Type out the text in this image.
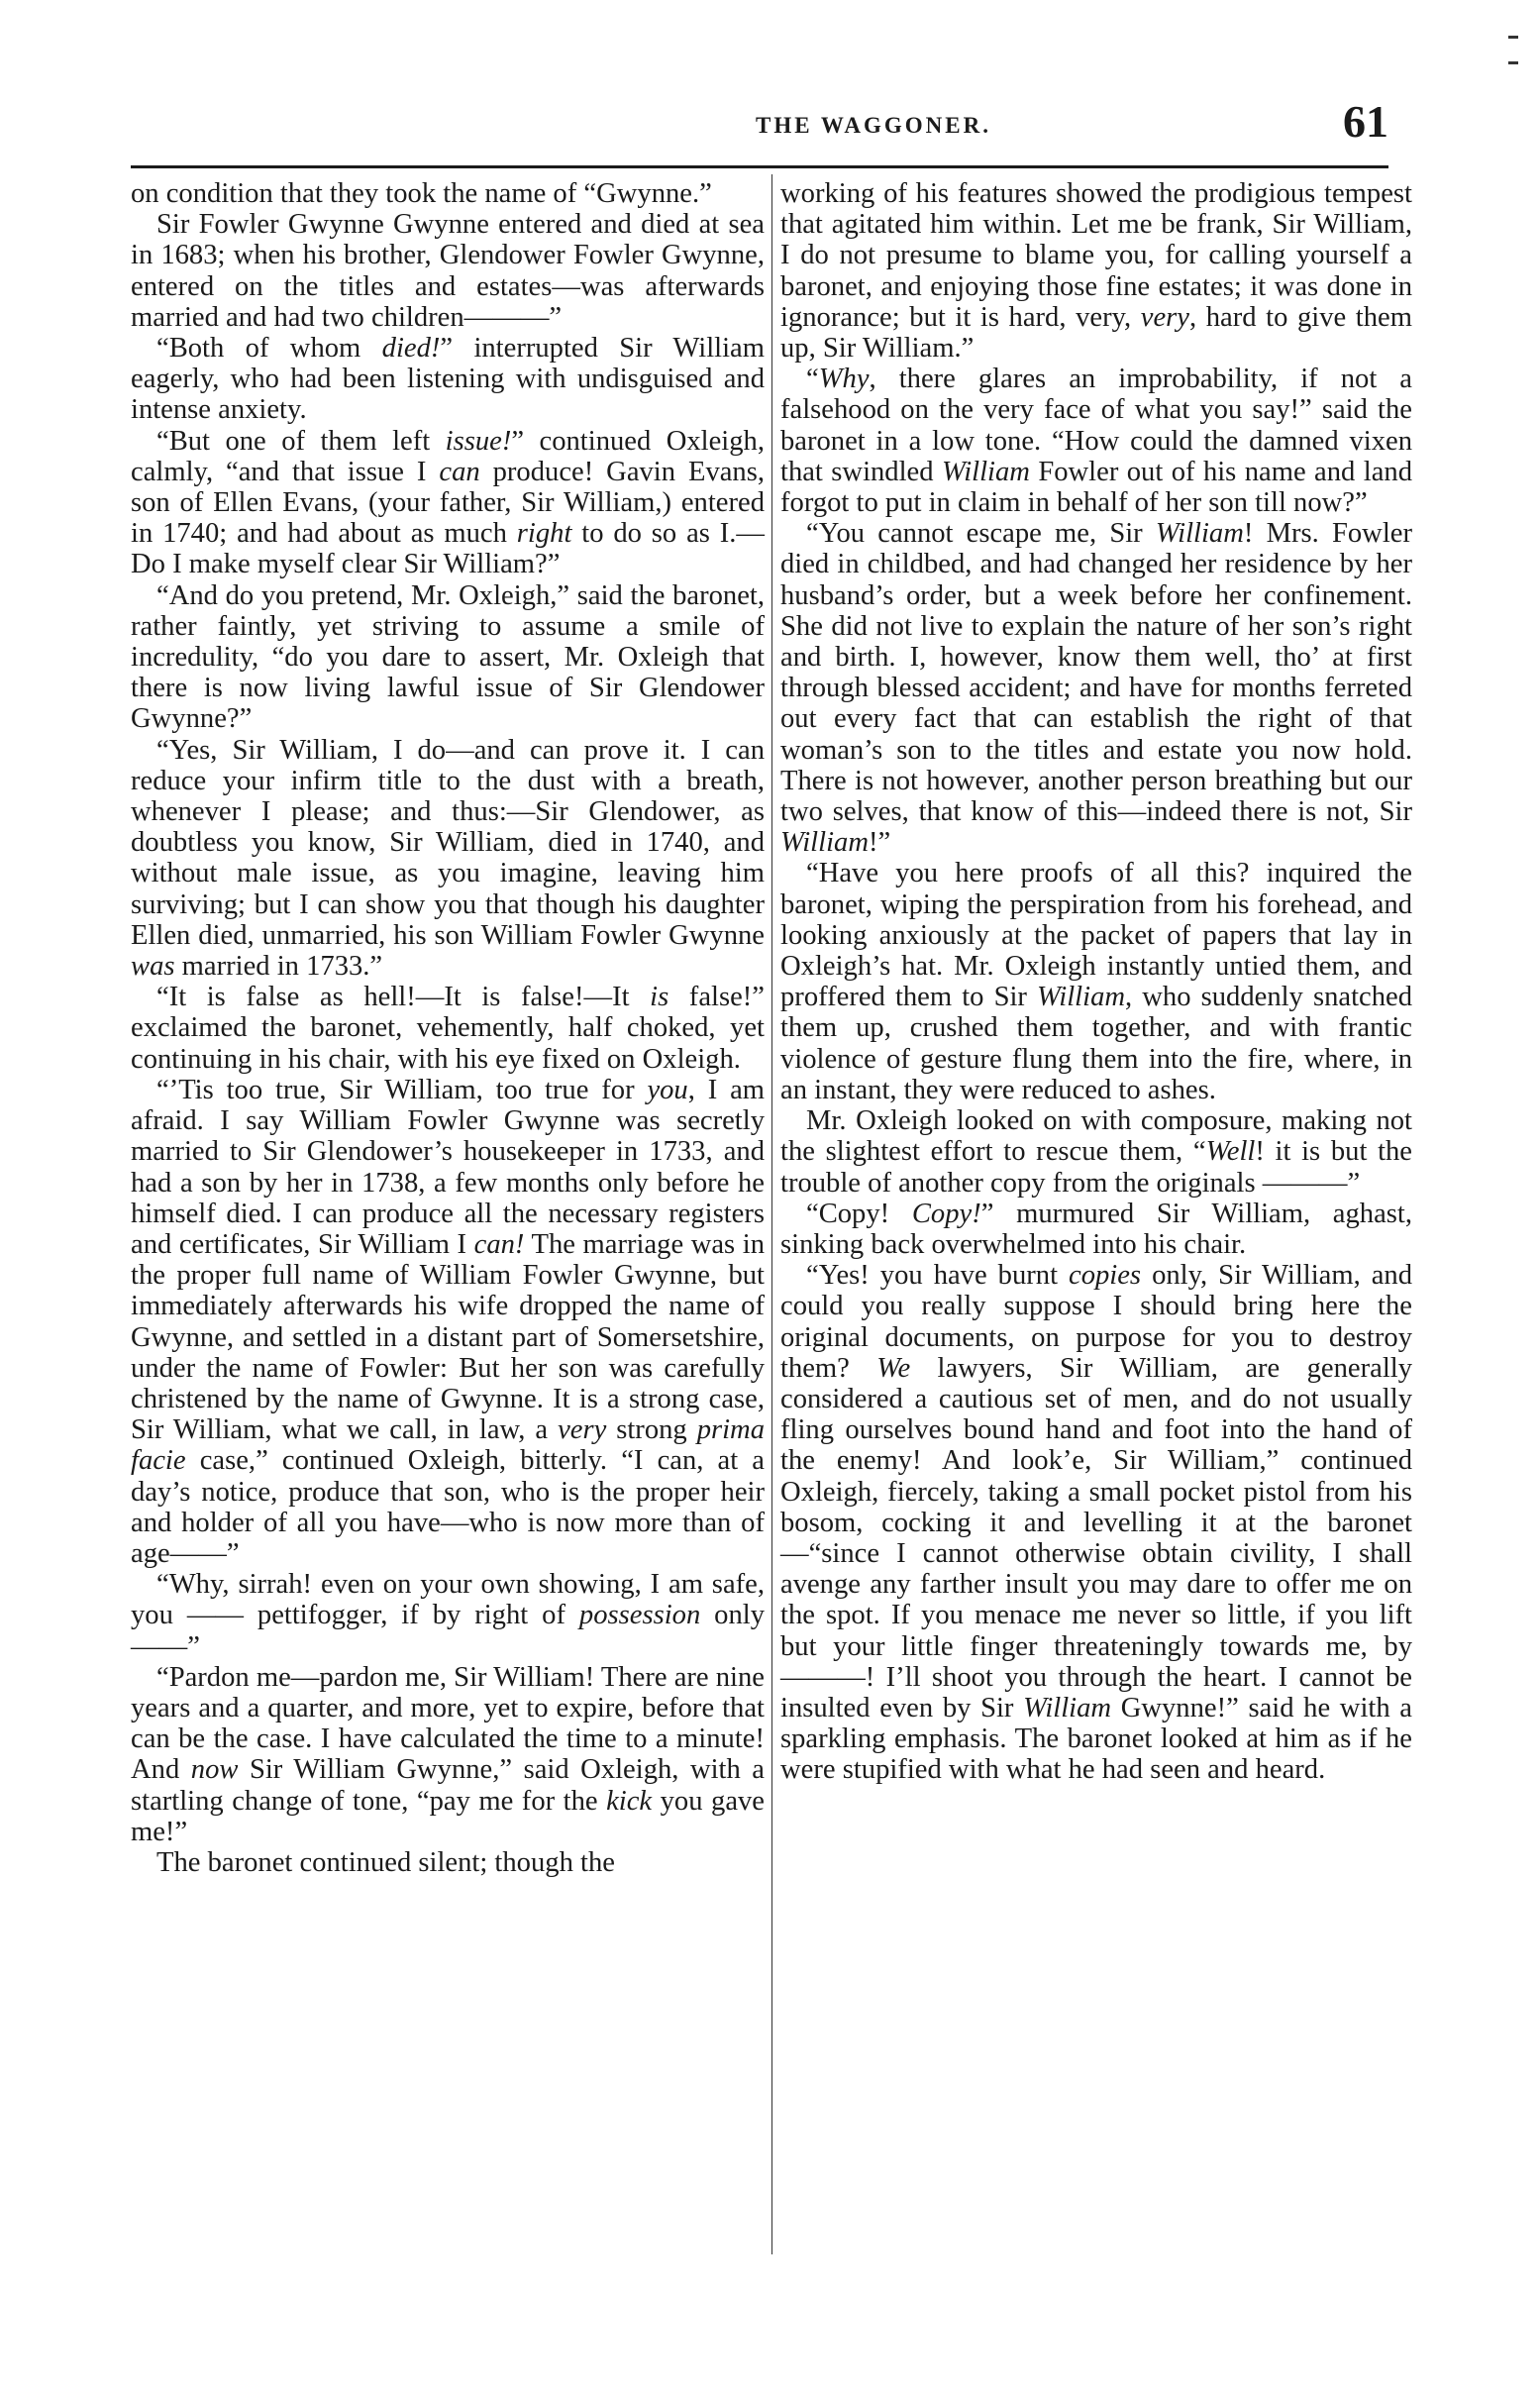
THE WAGGONER.	61

on condition that they took the name of “Gwynne.”

Sir Fowler Gwynne Gwynne entered and died at sea in 1683; when his brother, Glendower Fowler Gwynne, entered on the titles and estates—was afterwards married and had two children———”

“Both of whom died!” interrupted Sir William eagerly, who had been listening with undisguised and intense anxiety.

“But one of them left issue!” continued Oxleigh, calmly, “and that issue I can produce! Gavin Evans, son of Ellen Evans, (your father, Sir William,) entered in 1740; and had about as much right to do so as I.—Do I make myself clear Sir William?”

“And do you pretend, Mr. Oxleigh,” said the baronet, rather faintly, yet striving to assume a smile of incredulity, “do you dare to assert, Mr. Oxleigh that there is now living lawful issue of Sir Glendower Gwynne?”

“Yes, Sir William, I do—and can prove it. I can reduce your infirm title to the dust with a breath, whenever I please; and thus:—Sir Glendower, as doubtless you know, Sir William, died in 1740, and without male issue, as you imagine, leaving him surviving; but I can show you that though his daughter Ellen died, unmarried, his son William Fowler Gwynne was married in 1733.”

“It is false as hell!—It is false!—It is false!” exclaimed the baronet, vehemently, half choked, yet continuing in his chair, with his eye fixed on Oxleigh.

“’Tis too true, Sir William, too true for you, I am afraid. I say William Fowler Gwynne was secretly married to Sir Glendower’s housekeeper in 1733, and had a son by her in 1738, a few months only before he himself died. I can produce all the necessary registers and certificates, Sir William I can! The marriage was in the proper full name of William Fowler Gwynne, but immediately afterwards his wife dropped the name of Gwynne, and settled in a distant part of Somersetshire, under the name of Fowler: But her son was carefully christened by the name of Gwynne. It is a strong case, Sir William, what we call, in law, a very strong prima facie case,” continued Oxleigh, bitterly. “I can, at a day’s notice, produce that son, who is the proper heir and holder of all you have—who is now more than of age——”

“Why, sirrah! even on your own showing, I am safe, you —— pettifogger, if by right of possession only ——”

“Pardon me—pardon me, Sir William! There are nine years and a quarter, and more, yet to expire, before that can be the case. I have calculated the time to a minute! And now Sir William Gwynne,” said Oxleigh, with a startling change of tone, “pay me for the kick you gave me!”

The baronet continued silent; though the

working of his features showed the prodigious tempest that agitated him within. Let me be frank, Sir William, I do not presume to blame you, for calling yourself a baronet, and enjoying those fine estates; it was done in ignorance; but it is hard, very, very, hard to give them up, Sir William.”

“Why, there glares an improbability, if not a falsehood on the very face of what you say!” said the baronet in a low tone. “How could the damned vixen that swindled William Fowler out of his name and land forgot to put in claim in behalf of her son till now?”

“You cannot escape me, Sir William! Mrs. Fowler died in childbed, and had changed her residence by her husband’s order, but a week before her confinement. She did not live to explain the nature of her son’s right and birth. I, however, know them well, tho’ at first through blessed accident; and have for months ferreted out every fact that can establish the right of that woman’s son to the titles and estate you now hold. There is not however, another person breathing but our two selves, that know of this—indeed there is not, Sir William!”

“Have you here proofs of all this? inquired the baronet, wiping the perspiration from his forehead, and looking anxiously at the packet of papers that lay in Oxleigh’s hat. Mr. Oxleigh instantly untied them, and proffered them to Sir William, who suddenly snatched them up, crushed them together, and with frantic violence of gesture flung them into the fire, where, in an instant, they were reduced to ashes.

Mr. Oxleigh looked on with composure, making not the slightest effort to rescue them, “Well! it is but the trouble of another copy from the originals ———”

“Copy! Copy!” murmured Sir William, aghast, sinking back overwhelmed into his chair.

“Yes! you have burnt copies only, Sir William, and could you really suppose I should bring here the original documents, on purpose for you to destroy them? We lawyers, Sir William, are generally considered a cautious set of men, and do not usually fling ourselves bound hand and foot into the hand of the enemy! And look’e, Sir William,” continued Oxleigh, fiercely, taking a small pocket pistol from his bosom, cocking it and levelling it at the baronet—“since I cannot otherwise obtain civility, I shall avenge any farther insult you may dare to offer me on the spot. If you menace me never so little, if you lift but your little finger threateningly towards me, by ———! I’ll shoot you through the heart. I cannot be insulted even by Sir William Gwynne!” said he with a sparkling emphasis. The baronet looked at him as if he were stupified with what he had seen and heard.
